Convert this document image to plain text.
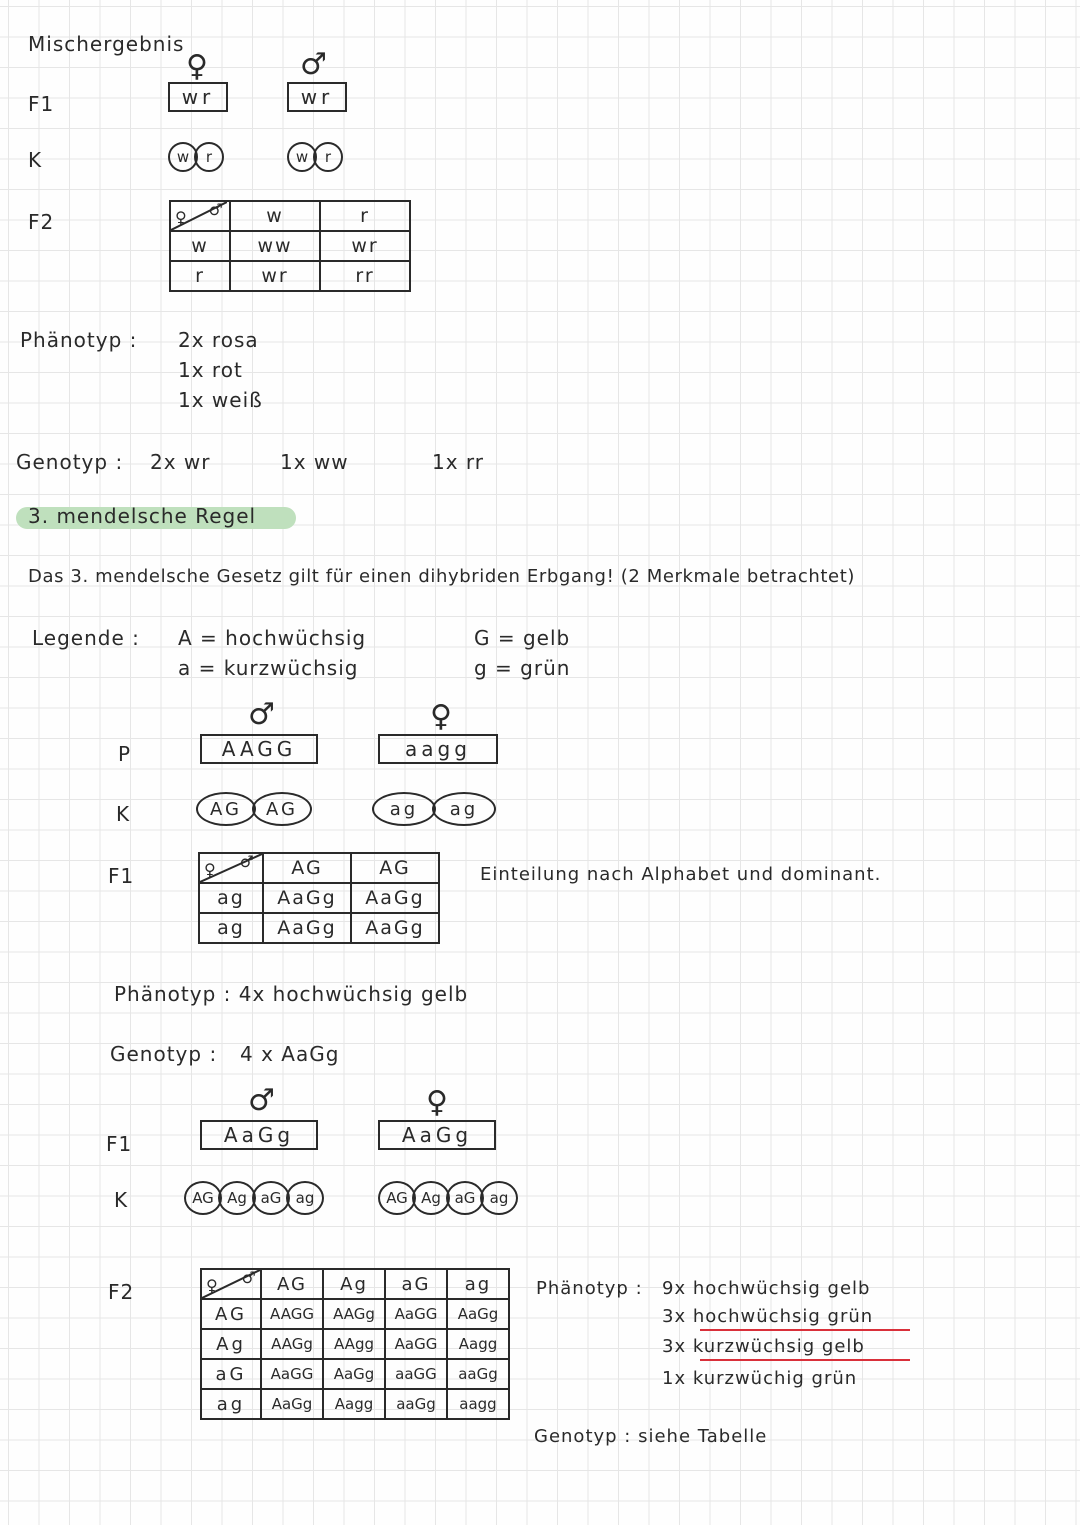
Mischergebnis
♀	♂
F1	wr	wr
K	w	r	w	r
F2	♀ ♂	w	r
w	ww	wr
r	wr	rr
Phänotyp : 2x rosa
1x rot
1x weiß
Genotyp : 2x wr	1x ww	1x rr
3. mendelsche Regel
Das 3. mendelsche Gesetz gilt für einen dihybriden Erbgang! (2 Merkmale betrachtet)
Legende : A = hochwüchsig
a = kurzwüchsig
G = gelb
g = grün
♂	♀
P	AAGG	aagg
K	AG	AG	ag	ag
F1	♀ ♂	AG	AG
ag	AaGg	AaGg
ag	AaGg	AaGg
Einteilung nach Alphabet und dominant.
Phänotyp : 4x hochwüchsig gelb
Genotyp : 4 x AaGg
♂	♀
F1	AaGg	AaGg
K	AG Ag aG ag	AG Ag aG ag
F2	♀ ♂	AG	Ag	aG	ag
AG	AAGG	AAGg	AaGG	AaGg
Ag	AAGg	AAgg	AaGG	Aagg
aG	AaGG	AaGg	aaGG	aaGg
ag	AaGg	Aagg	aaGg	aagg
Phänotyp : 9x hochwüchsig gelb
3x hochwüchsig grün
3x kurzwüchsig gelb
1x kurzwüchig grün
Genotyp : siehe Tabelle
